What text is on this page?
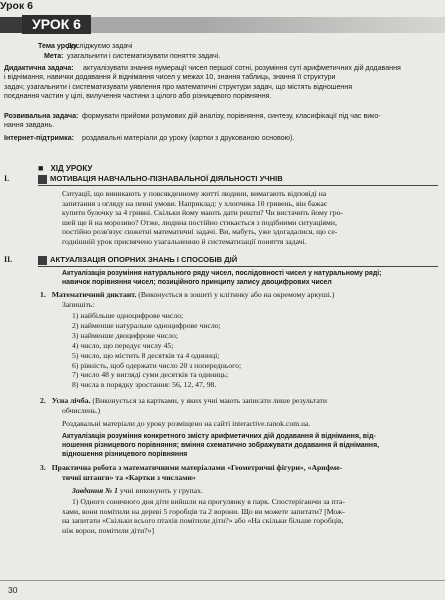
Урок 6
УРОК 6
Тема уроку.
Досліджуємо задачі
Мета: узагальнити і систематизувати поняття задачі.
Дидактична задача:	актуалізувати знання нумерації чисел першої сотні, розуміння суті арифметичних дій додавання
і віднімання, навички додавання й віднімання чисел у межах 10, знання таблиць, знання її структури
задач; узагальнити і систематизувати уявлення про математичні структури задач, що містять відношення
поєднання частин у цілі, вилучення частини з цілого або різницевого порівняння.
Розвивальна задача: формувати прийоми розумових дій аналізу, порівняння, синтезу, класифікації під час вико-
нання завдань.
Інтернет-підтримка: роздавальні матеріали до уроку (картки з друкованою основою).
■ ХІД УРОКУ
I.	МОТИВАЦІЯ НАВЧАЛЬНО-ПІЗНАВАЛЬНОЇ ДІЯЛЬНОСТІ УЧНІВ
Ситуації, що виникають у повсякденному житті людини, вимагають відповіді на
запитання з огляду на певні умови. Наприклад: у хлопчика 10 гривень, він бажає
купити булочку за 4 гривні. Скільки йому мають дати решти? Чи вистачить йому гро-
шей ще й на морозиво? Отже, людина постійно стикається з подібними ситуаціями,
постійно розв'язує сюжетні математичні задачі. Ви, мабуть, уже здогадалися, що се-
годнішній урок присвячено узагальненню й систематизації поняття задачі.
II.	АКТУАЛІЗАЦІЯ ОПОРНИХ ЗНАНЬ І СПОСОБІВ ДІЙ
Актуалізація розуміння натурального ряду чисел, послідовності чисел у натуральному ряді;
навичок порівняння чисел; позиційного принципу запису двоцифрових чисел
1. Математичний диктант. (Виконується в зошиті у клітинку або на окремому аркуші.)
Запишіть:
1) найбільше одноцифрове число;
2) найменше натуральне одноцифрове число;
3) найменше двоцифрове число;
4) число, що передує числу 45;
5) число, що містить 8 десятків та 4 одиниці;
6) рівність, щоб одержати число 20 з попереднього;
7) число 48 у вигляді суми десятків та одиниць;
8) числа в порядку зростання: 56, 12, 47, 98.
2. Усна лічба. (Виконується за картками, у яких учні мають записати лише результати
обчислень.)
Роздавальні матеріали до уроку розміщено на сайті interactive.ranok.com.ua.
Актуалізація розуміння конкретного змісту арифметичних дій додавання й віднімання, від-
ношення різницевого порівняння; вміння схематично зображувати додавання й віднімання,
відношення різницевого порівняння
3. Практична робота з математичними матеріалами «Геометричні фігури», «Арифме-
тичні штанги» та «Картки з числами»
Завдання № 1 учні виконують у групах.
1) Одного сонячного дня діти вийшли на прогулянку в парк. Спостерігаючи за пта-
хами, вони помітили на дереві 5 горобців та 2 ворони. Що ви можете запитати? [Мож-
на запитати «Скільки всього птахів помітили діти?» або «На скільки більше горобців,
ніж ворон, помітили діти?»]
30
